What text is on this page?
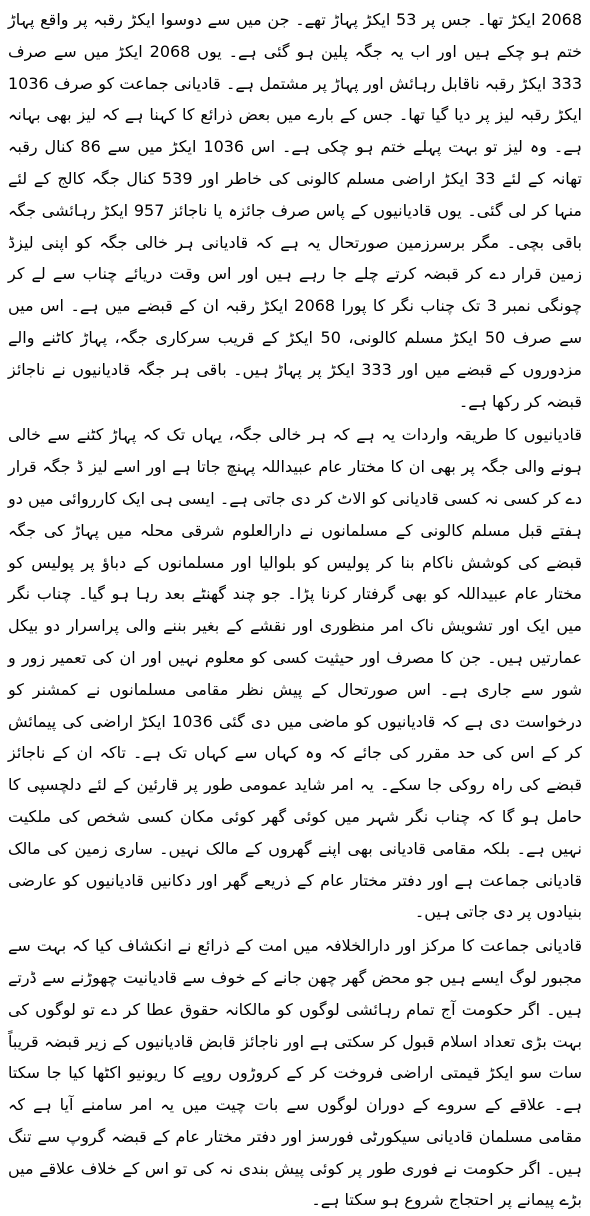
2068 ایکڑ تھا۔ جس پر 53 ایکڑ پہاڑ تھے۔ جن میں سے دوسوا ایکڑ رقبہ پر واقع پہاڑ ختم ہو چکے ہیں اور اب یہ جگہ پلین ہو گئی ہے۔ یوں 2068 ایکڑ میں سے صرف 333 ایکڑ رقبہ ناقابل رہائش اور پہاڑ پر مشتمل ہے۔ قادیانی جماعت کو صرف 1036 ایکڑ رقبہ لیز پر دیا گیا تھا۔ جس کے بارے میں بعض ذرائع کا کہنا ہے کہ لیز بھی بہانہ ہے۔ وہ لیز تو بہت پہلے ختم ہو چکی ہے۔ اس 1036 ایکڑ میں سے 86 کنال رقبہ تھانہ کے لئے 33 ایکڑ اراضی مسلم کالونی کی خاطر اور 539 کنال جگہ کالج کے لئے منہا کر لی گئی۔ یوں قادیانیوں کے پاس صرف جائزہ یا ناجائز 957 ایکڑ رہائشی جگہ باقی بچی۔ مگر برسرزمین صورتحال یہ ہے کہ قادیانی ہر خالی جگہ کو اپنی لیزڈ زمین قرار دے کر قبضہ کرتے چلے جا رہے ہیں اور اس وقت دریائے چناب سے لے کر چونگی نمبر 3 تک چناب نگر کا پورا 2068 ایکڑ رقبہ ان کے قبضے میں ہے۔ اس میں سے صرف 50 ایکڑ مسلم کالونی، 50 ایکڑ کے قریب سرکاری جگہ، پہاڑ کاٹنے والے مزدوروں کے قبضے میں اور 333 ایکڑ پر پہاڑ ہیں۔ باقی ہر جگہ قادیانیوں نے ناجائز قبضہ کر رکھا ہے۔

قادیانیوں کا طریقہ واردات یہ ہے کہ ہر خالی جگہ، یہاں تک کہ پہاڑ کٹنے سے خالی ہونے والی جگہ پر بھی ان کا مختار عام عبیداللہ پہنچ جاتا ہے اور اسے لیز ڈ جگہ قرار دے کر کسی نہ کسی قادیانی کو الاٹ کر دی جاتی ہے۔ ایسی ہی ایک کارروائی میں دو ہفتے قبل مسلم کالونی کے مسلمانوں نے دارالعلوم شرقی محلہ میں پہاڑ کی جگہ قبضے کی کوشش ناکام بنا کر پولیس کو بلوالیا اور مسلمانوں کے دباؤ پر پولیس کو مختار عام عبیداللہ کو بھی گرفتار کرنا پڑا۔ جو چند گھنٹے بعد رہا ہو گیا۔ چناب نگر میں ایک اور تشویش ناک امر منظوری اور نقشے کے بغیر بننے والی پراسرار دو بیکل عمارتیں ہیں۔ جن کا مصرف اور حیثیت کسی کو معلوم نہیں اور ان کی تعمیر زور و شور سے جاری ہے۔ اس صورتحال کے پیش نظر مقامی مسلمانوں نے کمشنر کو درخواست دی ہے کہ قادیانیوں کو ماضی میں دی گئی 1036 ایکڑ اراضی کی پیمائش کر کے اس کی حد مقرر کی جائے کہ وہ کہاں سے کہاں تک ہے۔ تاکہ ان کے ناجائز قبضے کی راہ روکی جا سکے۔ یہ امر شاید عمومی طور پر قارئین کے لئے دلچسپی کا حامل ہو گا کہ چناب نگر شہر میں کوئی گھر کوئی مکان کسی شخص کی ملکیت نہیں ہے۔ بلکہ مقامی قادیانی بھی اپنے گھروں کے مالک نہیں۔ ساری زمین کی مالک قادیانی جماعت ہے اور دفتر مختار عام کے ذریعے گھر اور دکانیں قادیانیوں کو عارضی بنیادوں پر دی جاتی ہیں۔

قادیانی جماعت کا مرکز اور دارالخلافہ میں امت کے ذرائع نے انکشاف کیا کہ بہت سے مجبور لوگ ایسے ہیں جو محض گھر چھن جانے کے خوف سے قادیانیت چھوڑنے سے ڈرتے ہیں۔ اگر حکومت آج تمام رہائشی لوگوں کو مالکانہ حقوق عطا کر دے تو لوگوں کی بہت بڑی تعداد اسلام قبول کر سکتی ہے اور ناجائز قابض قادیانیوں کے زیر قبضہ قریباً سات سو ایکڑ قیمتی اراضی فروخت کر کے کروڑوں روپے کا ریونیو اکٹھا کیا جا سکتا ہے۔ علاقے کے سروے کے دوران لوگوں سے بات چیت میں یہ امر سامنے آیا ہے کہ مقامی مسلمان قادیانی سیکورٹی فورسز اور دفتر مختار عام کے قبضہ گروپ سے تنگ ہیں۔ اگر حکومت نے فوری طور پر کوئی پیش بندی نہ کی تو اس کے خلاف علاقے میں بڑے پیمانے پر احتجاج شروع ہو سکتا ہے۔
